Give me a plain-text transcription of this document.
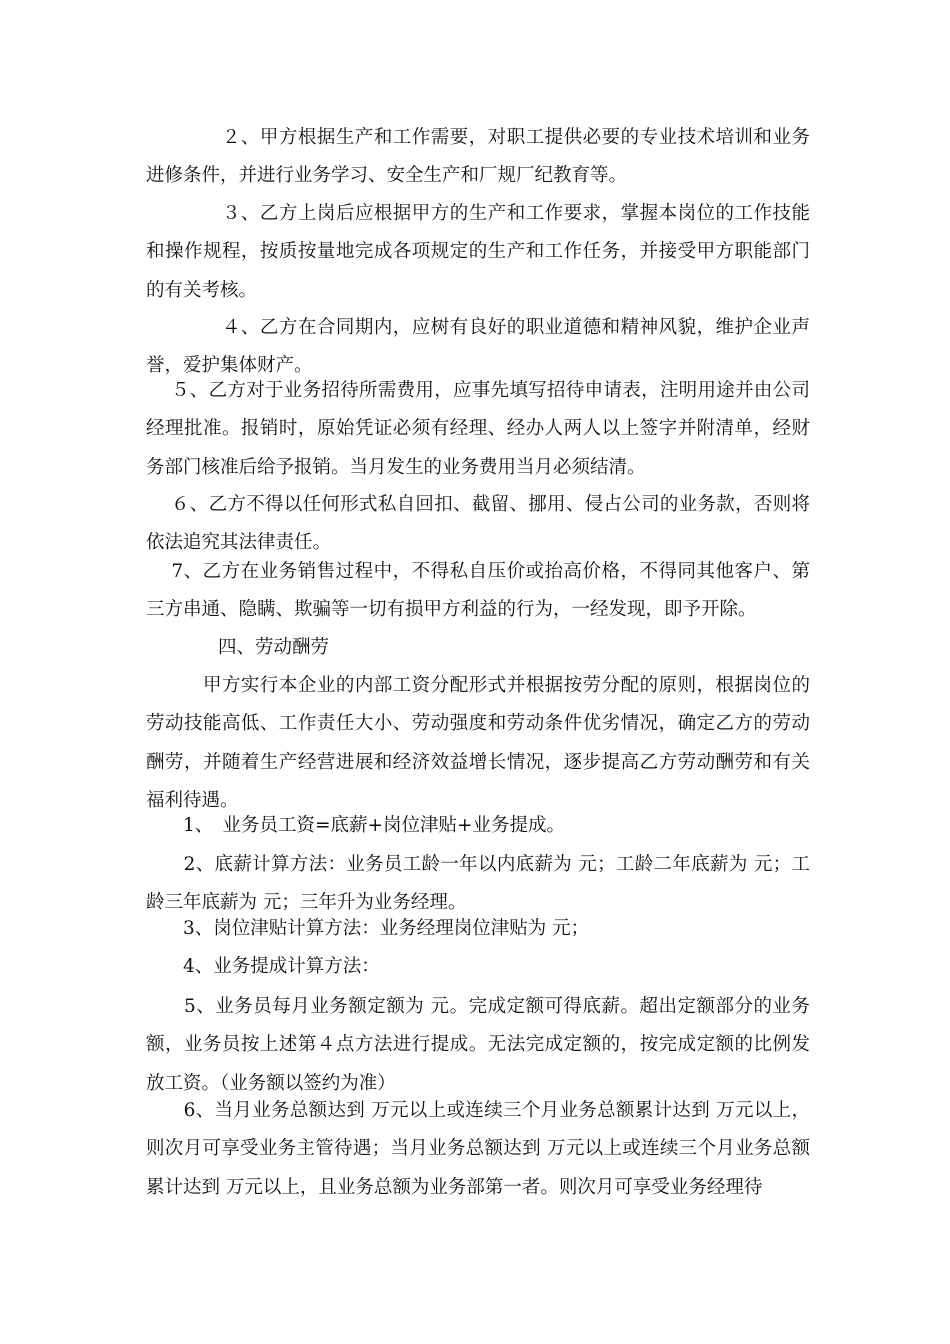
　　　　２、甲方根据生产和工作需要，对职工提供必要的专业技术培训和业务进修条件，并进行业务学习、安全生产和厂规厂纪教育等。

　　　　３、乙方上岗后应根据甲方的生产和工作要求，掌握本岗位的工作技能和操作规程，按质按量地完成各项规定的生产和工作任务，并接受甲方职能部门的有关考核。

　　　　４、乙方在合同期内，应树有良好的职业道德和精神风貌，维护企业声誉，爱护集体财产。

　 ５、乙方对于业务招待所需费用，应事先填写招待申请表，注明用途并由公司经理批准。报销时，原始凭证必须有经理、经办人两人以上签字并附清单，经财务部门核准后给予报销。当月发生的业务费用当月必须结清。

　 ６、乙方不得以任何形式私自回扣、截留、挪用、侵占公司的业务款，否则将依法追究其法律责任。

　 7、乙方在业务销售过程中，不得私自压价或抬高价格，不得同其他客户、第三方串通、隐瞒、欺骗等一切有损甲方利益的行为，一经发现，即予开除。

四、劳动酬劳

　　　甲方实行本企业的内部工资分配形式并根据按劳分配的原则，根据岗位的劳动技能高低、工作责任大小、劳动强度和劳动条件优劣情况，确定乙方的劳动酬劳，并随着生产经营进展和经济效益增长情况，逐步提高乙方劳动酬劳和有关福利待遇。

　　1、　业务员工资=底薪+岗位津贴+业务提成。

　　2、底薪计算方法：业务员工龄一年以内底薪为 元；工龄二年底薪为 元；工龄三年底薪为 元；三年升为业务经理。

　　3、岗位津贴计算方法：业务经理岗位津贴为 元；

　　4、业务提成计算方法：

　　5、业务员每月业务额定额为 元。完成定额可得底薪。超出定额部分的业务额，业务员按上述第４点方法进行提成。无法完成定额的，按完成定额的比例发放工资。（业务额以签约为准）

　　6、当月业务总额达到 万元以上或连续三个月业务总额累计达到 万元以上，则次月可享受业务主管待遇；当月业务总额达到 万元以上或连续三个月业务总额累计达到 万元以上，且业务总额为业务部第一者。则次月可享受业务经理待
